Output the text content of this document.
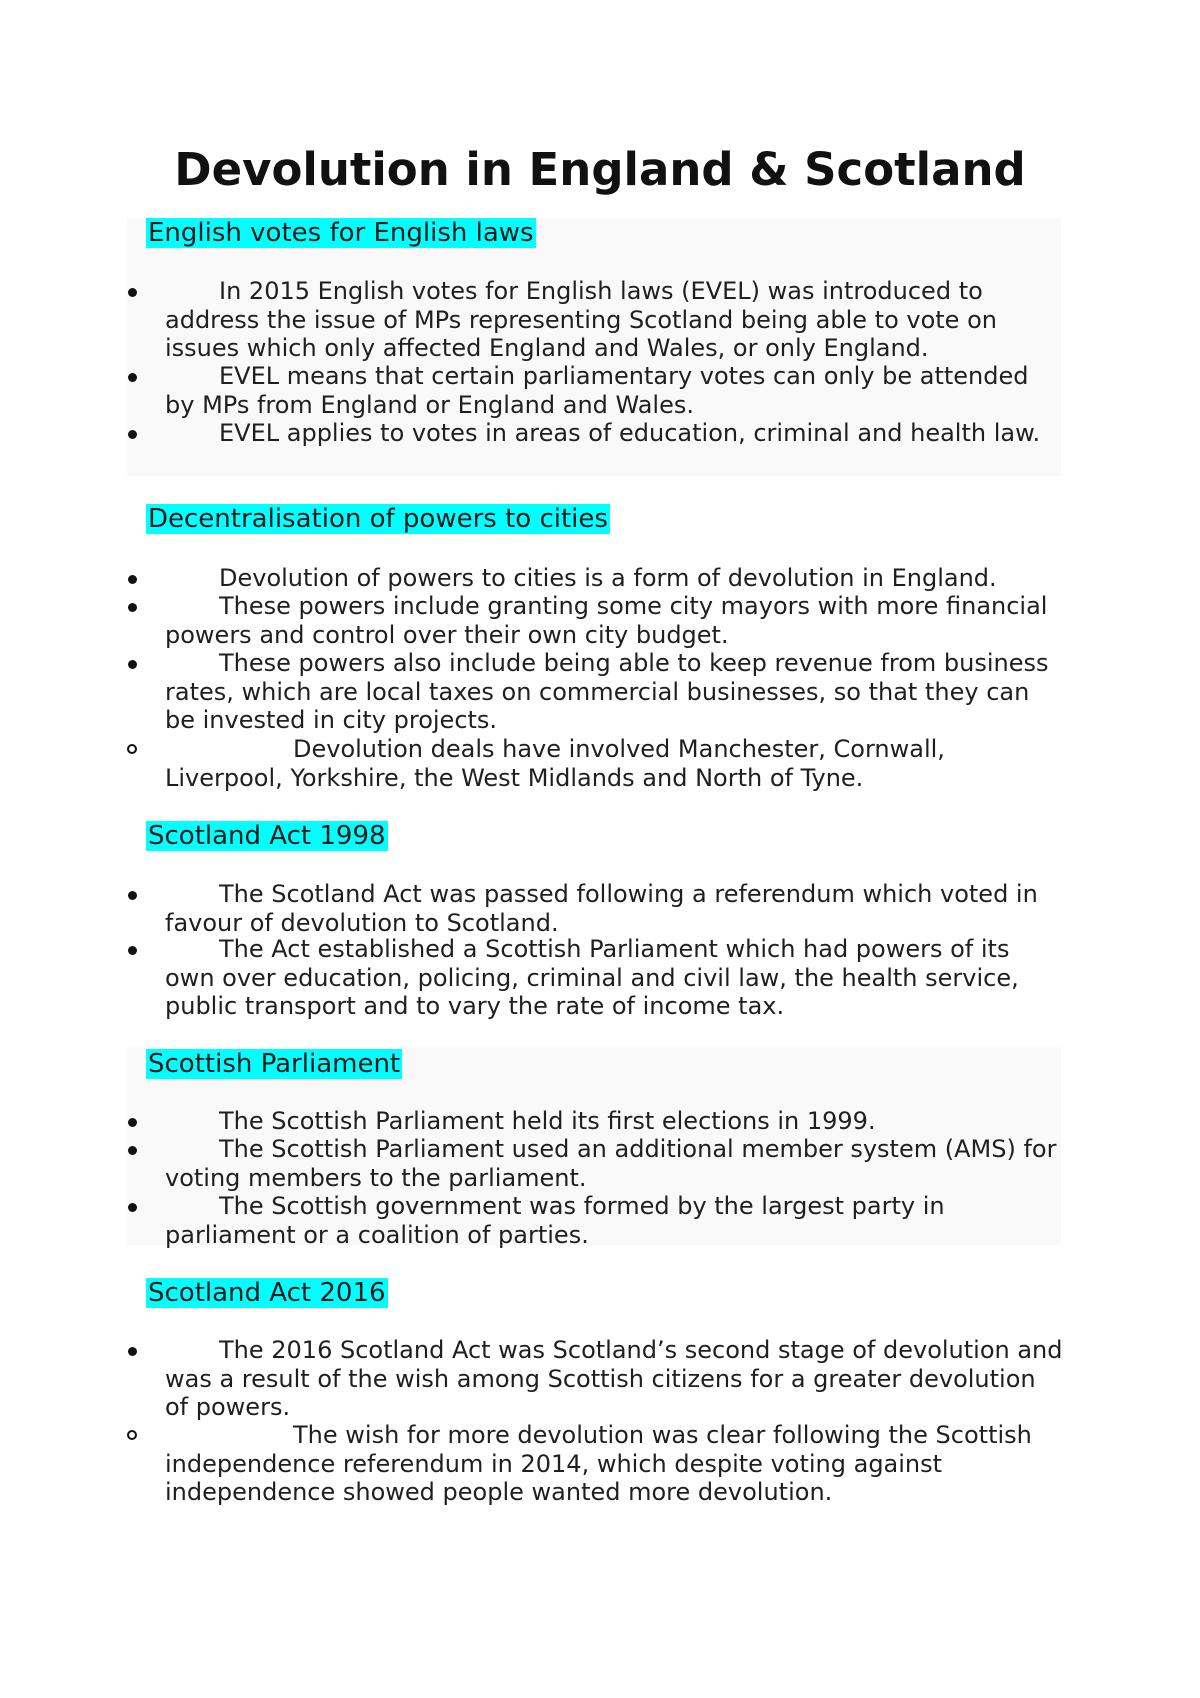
Devolution in England & Scotland
English votes for English laws
In 2015 English votes for English laws (EVEL) was introduced to address the issue of MPs representing Scotland being able to vote on issues which only affected England and Wales, or only England.
EVEL means that certain parliamentary votes can only be attended by MPs from England or England and Wales.
EVEL applies to votes in areas of education, criminal and health law.
Decentralisation of powers to cities
Devolution of powers to cities is a form of devolution in England.
These powers include granting some city mayors with more financial powers and control over their own city budget.
These powers also include being able to keep revenue from business rates, which are local taxes on commercial businesses, so that they can be invested in city projects.
Devolution deals have involved Manchester, Cornwall, Liverpool, Yorkshire, the West Midlands and North of Tyne.
Scotland Act 1998
The Scotland Act was passed following a referendum which voted in favour of devolution to Scotland.
The Act established a Scottish Parliament which had powers of its own over education, policing, criminal and civil law, the health service, public transport and to vary the rate of income tax.
Scottish Parliament
The Scottish Parliament held its first elections in 1999.
The Scottish Parliament used an additional member system (AMS) for voting members to the parliament.
The Scottish government was formed by the largest party in parliament or a coalition of parties.
Scotland Act 2016
The 2016 Scotland Act was Scotland’s second stage of devolution and was a result of the wish among Scottish citizens for a greater devolution of powers.
The wish for more devolution was clear following the Scottish independence referendum in 2014, which despite voting against independence showed people wanted more devolution.
